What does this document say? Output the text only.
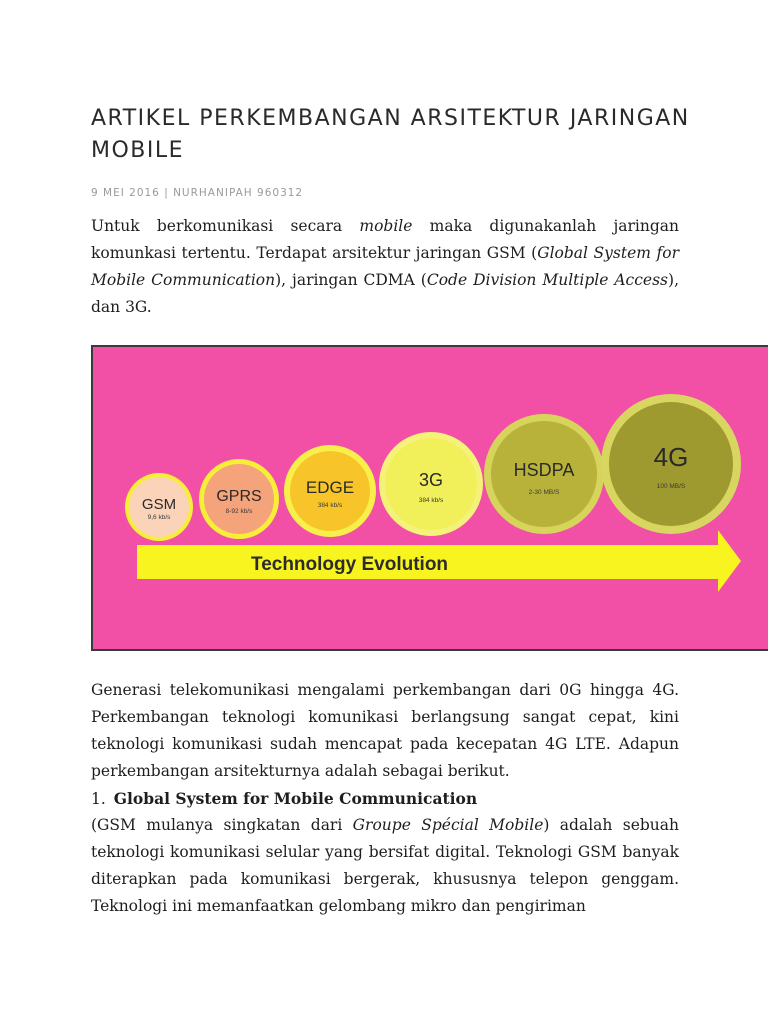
ARTIKEL PERKEMBANGAN ARSITEKTUR JARINGAN MOBILE
9 MEI 2016 | NURHANIPAH 960312

Untuk berkomunikasi secara mobile maka digunakanlah jaringan komunkasi tertentu. Terdapat arsitektur jaringan GSM (Global System for Mobile Communication), jaringan CDMA (Code Division Multiple Access), dan 3G.

Technology Evolution
GSM
9,6 kb/s
GPRS
8-92 kb/s
EDGE
384 kb/s
3G
384 kb/s
HSDPA
2-30 MB/S
4G
100 MB/S

Generasi telekomunikasi mengalami perkembangan dari 0G hingga 4G. Perkembangan teknologi komunikasi berlangsung sangat cepat, kini teknologi komunikasi sudah mencapat pada kecepatan 4G LTE. Adapun perkembangan arsitekturnya adalah sebagai berikut.

1. Global System for Mobile Communication

(GSM mulanya singkatan dari Groupe Spécial Mobile) adalah sebuah teknologi komunikasi selular yang bersifat digital. Teknologi GSM banyak diterapkan pada komunikasi bergerak, khususnya telepon genggam. Teknologi ini memanfaatkan gelombang mikro dan pengiriman
